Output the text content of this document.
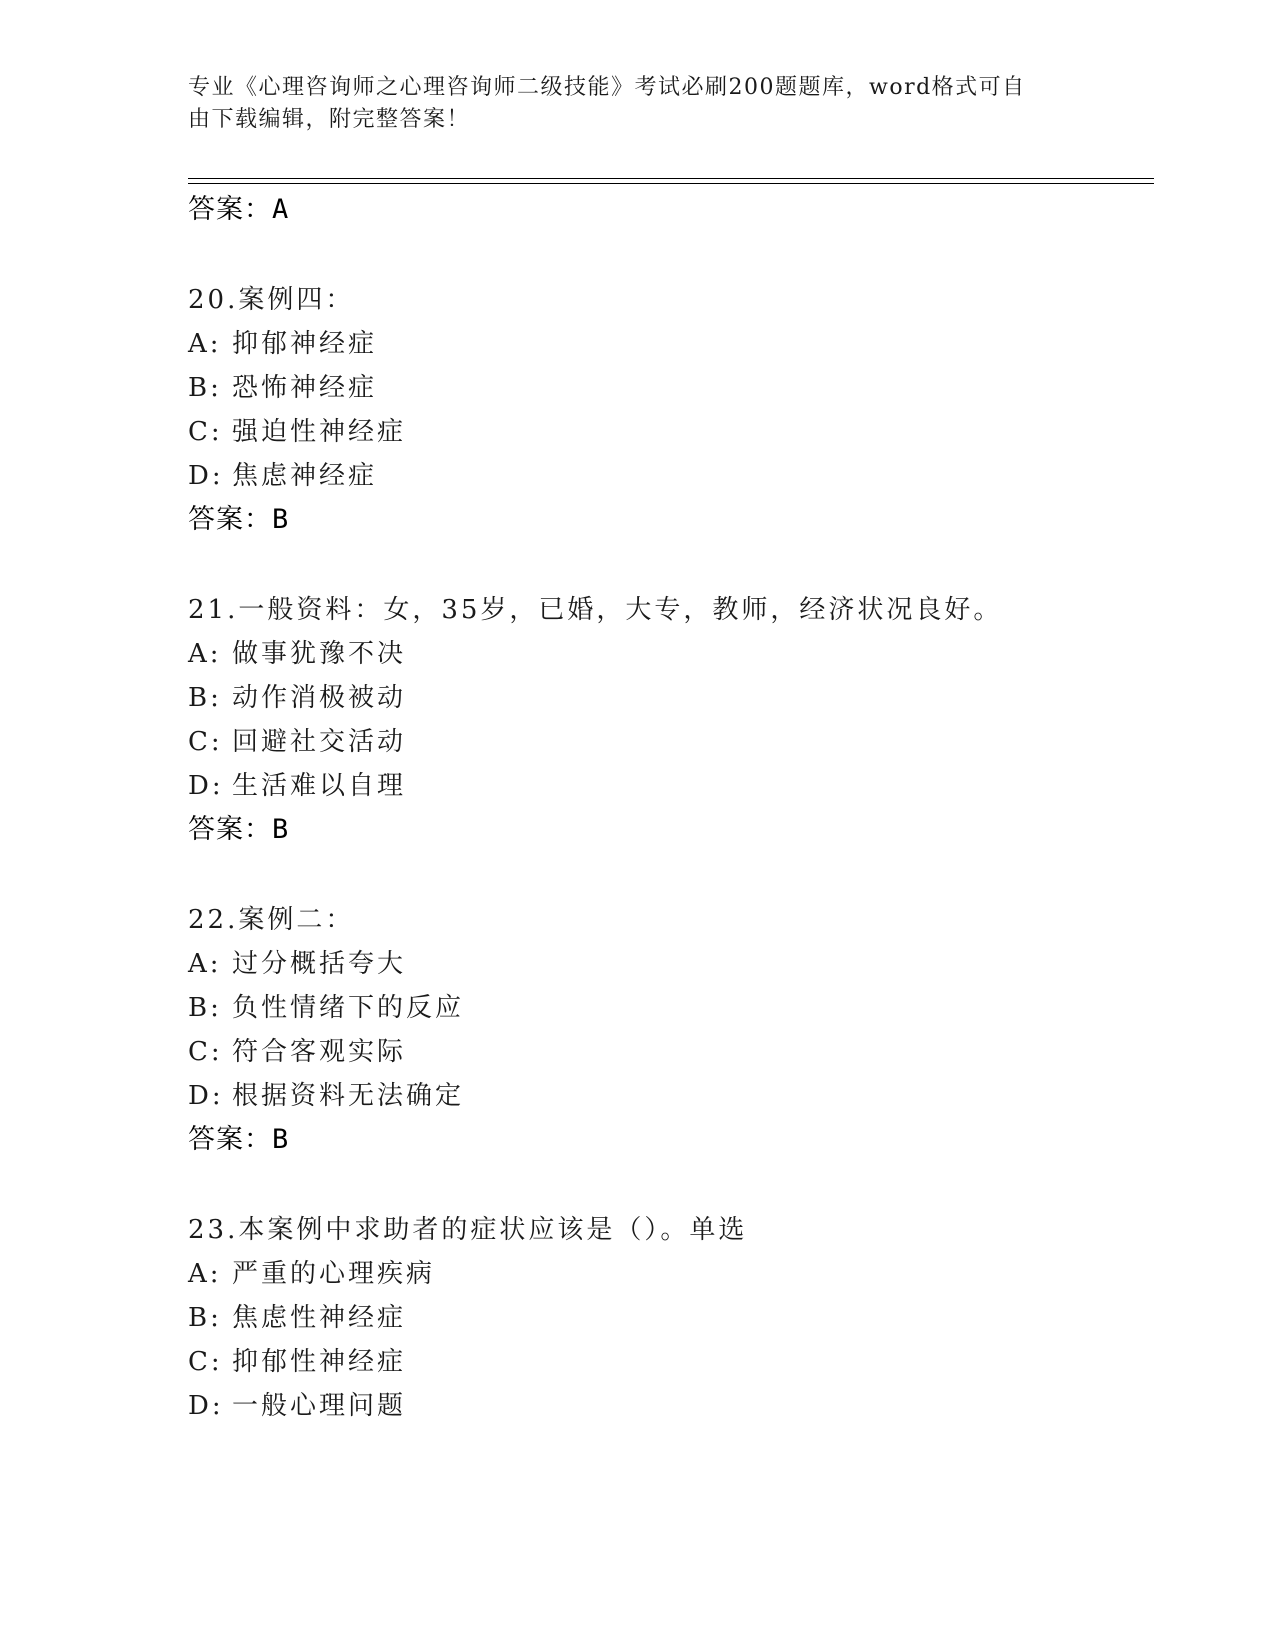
专业《心理咨询师之心理咨询师二级技能》考试必刷200题题库，word格式可自
由下载编辑，附完整答案！
答案：A
20.案例四：
A: 抑郁神经症
B: 恐怖神经症
C: 强迫性神经症
D: 焦虑神经症
答案：B
21.一般资料：女，35岁，已婚，大专，教师，经济状况良好。
A: 做事犹豫不决
B: 动作消极被动
C: 回避社交活动
D: 生活难以自理
答案：B
22.案例二：
A: 过分概括夸大
B: 负性情绪下的反应
C: 符合客观实际
D: 根据资料无法确定
答案：B
23.本案例中求助者的症状应该是（）。单选
A: 严重的心理疾病
B: 焦虑性神经症
C: 抑郁性神经症
D: 一般心理问题
